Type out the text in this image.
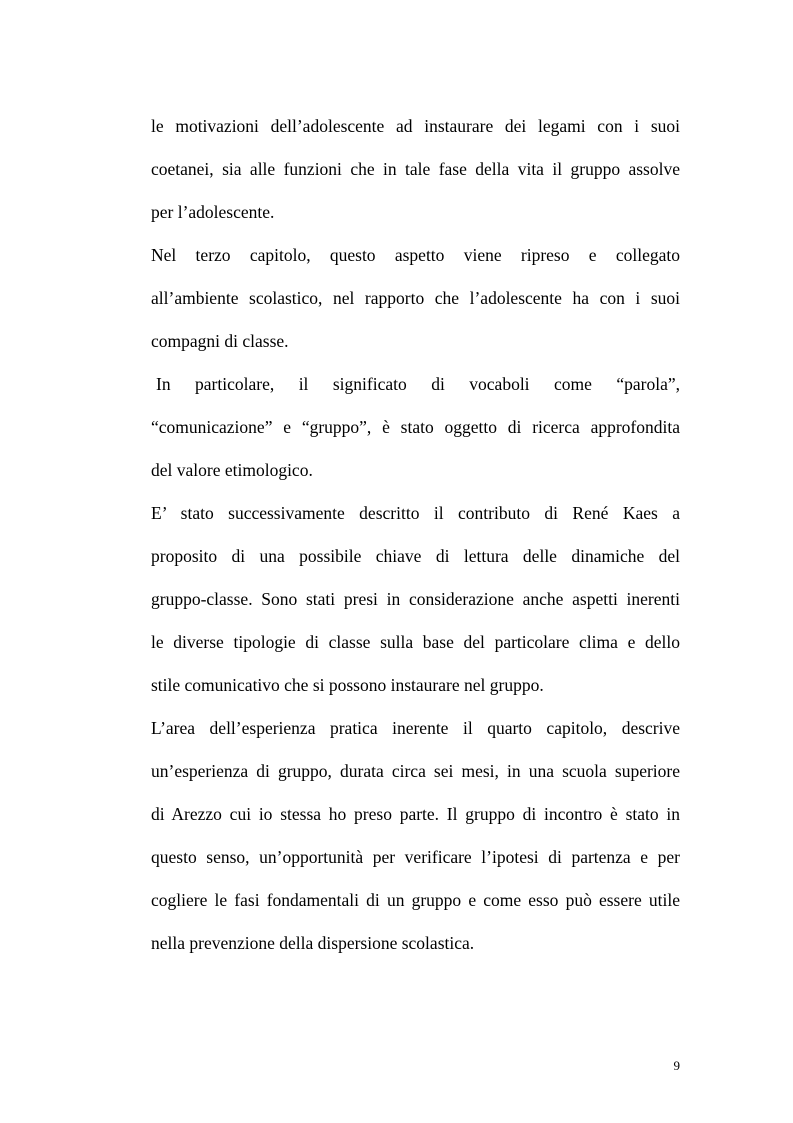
le motivazioni dell’adolescente ad instaurare dei legami con i suoi
coetanei, sia alle funzioni che in tale fase della vita il gruppo assolve
per l’adolescente.
Nel terzo capitolo, questo aspetto viene ripreso e collegato
all’ambiente scolastico, nel rapporto che l’adolescente ha con i suoi
compagni di classe.
In particolare, il significato di vocaboli come “parola”,
“comunicazione” e “gruppo”, è stato oggetto di ricerca approfondita
del valore etimologico.
E’ stato successivamente descritto il contributo di René Kaes a
proposito di una possibile chiave di lettura delle dinamiche del
gruppo-classe. Sono stati presi in considerazione anche aspetti inerenti
le diverse tipologie di classe sulla base del particolare clima e dello
stile comunicativo che si possono instaurare nel gruppo.
L’area dell’esperienza pratica inerente il quarto capitolo, descrive
un’esperienza di gruppo, durata circa sei mesi, in una scuola superiore
di Arezzo cui io stessa ho preso parte. Il gruppo di incontro è stato in
questo senso, un’opportunità per verificare l’ipotesi di partenza e per
cogliere le fasi fondamentali di un gruppo e come esso può essere utile
nella prevenzione della dispersione scolastica.
9
